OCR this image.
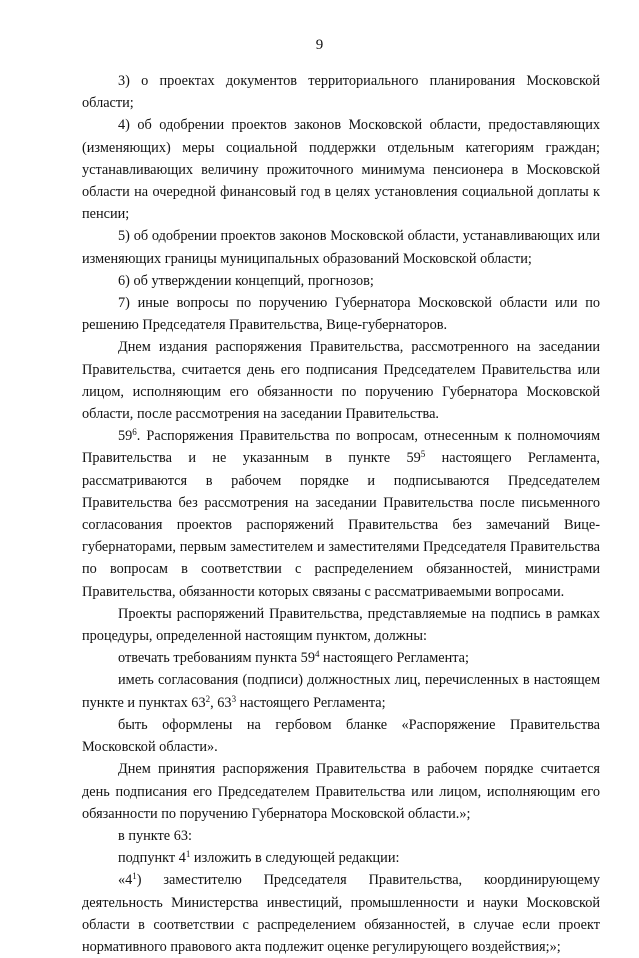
9

3) о проектах документов территориального планирования Московской области;

4) об одобрении проектов законов Московской области, предоставляющих (изменяющих) меры социальной поддержки отдельным категориям граждан; устанавливающих величину прожиточного минимума пенсионера в Московской области на очередной финансовый год в целях установления социальной доплаты к пенсии;

5) об одобрении проектов законов Московской области, устанавливающих или изменяющих границы муниципальных образований Московской области;

6) об утверждении концепций, прогнозов;

7) иные вопросы по поручению Губернатора Московской области или по решению Председателя Правительства, Вице-губернаторов.

Днем издания распоряжения Правительства, рассмотренного на заседании Правительства, считается день его подписания Председателем Правительства или лицом, исполняющим его обязанности по поручению Губернатора Московской области, после рассмотрения на заседании Правительства.

$59^6$. Распоряжения Правительства по вопросам, отнесенным к полномочиям Правительства и не указанным в пункте $59^5$ настоящего Регламента, рассматриваются в рабочем порядке и подписываются Председателем Правительства без рассмотрения на заседании Правительства после письменного согласования проектов распоряжений Правительства без замечаний Вице-губернаторами, первым заместителем и заместителями Председателя Правительства по вопросам в соответствии с распределением обязанностей, министрами Правительства, обязанности которых связаны с рассматриваемыми вопросами.

Проекты распоряжений Правительства, представляемые на подпись в рамках процедуры, определенной настоящим пунктом, должны:

отвечать требованиям пункта $59^4$ настоящего Регламента;

иметь согласования (подписи) должностных лиц, перечисленных в настоящем пункте и пунктах $63^2$, $63^3$ настоящего Регламента;

быть оформлены на гербовом бланке «Распоряжение Правительства Московской области».

Днем принятия распоряжения Правительства в рабочем порядке считается день подписания его Председателем Правительства или лицом, исполняющим его обязанности по поручению Губернатора Московской области.»;

в пункте 63:

подпункт $4^1$ изложить в следующей редакции:

«$4^1$) заместителю Председателя Правительства, координирующему деятельность Министерства инвестиций, промышленности и науки Московской области в соответствии с распределением обязанностей, в случае если проект нормативного правового акта подлежит оценке регулирующего воздействия;»;
